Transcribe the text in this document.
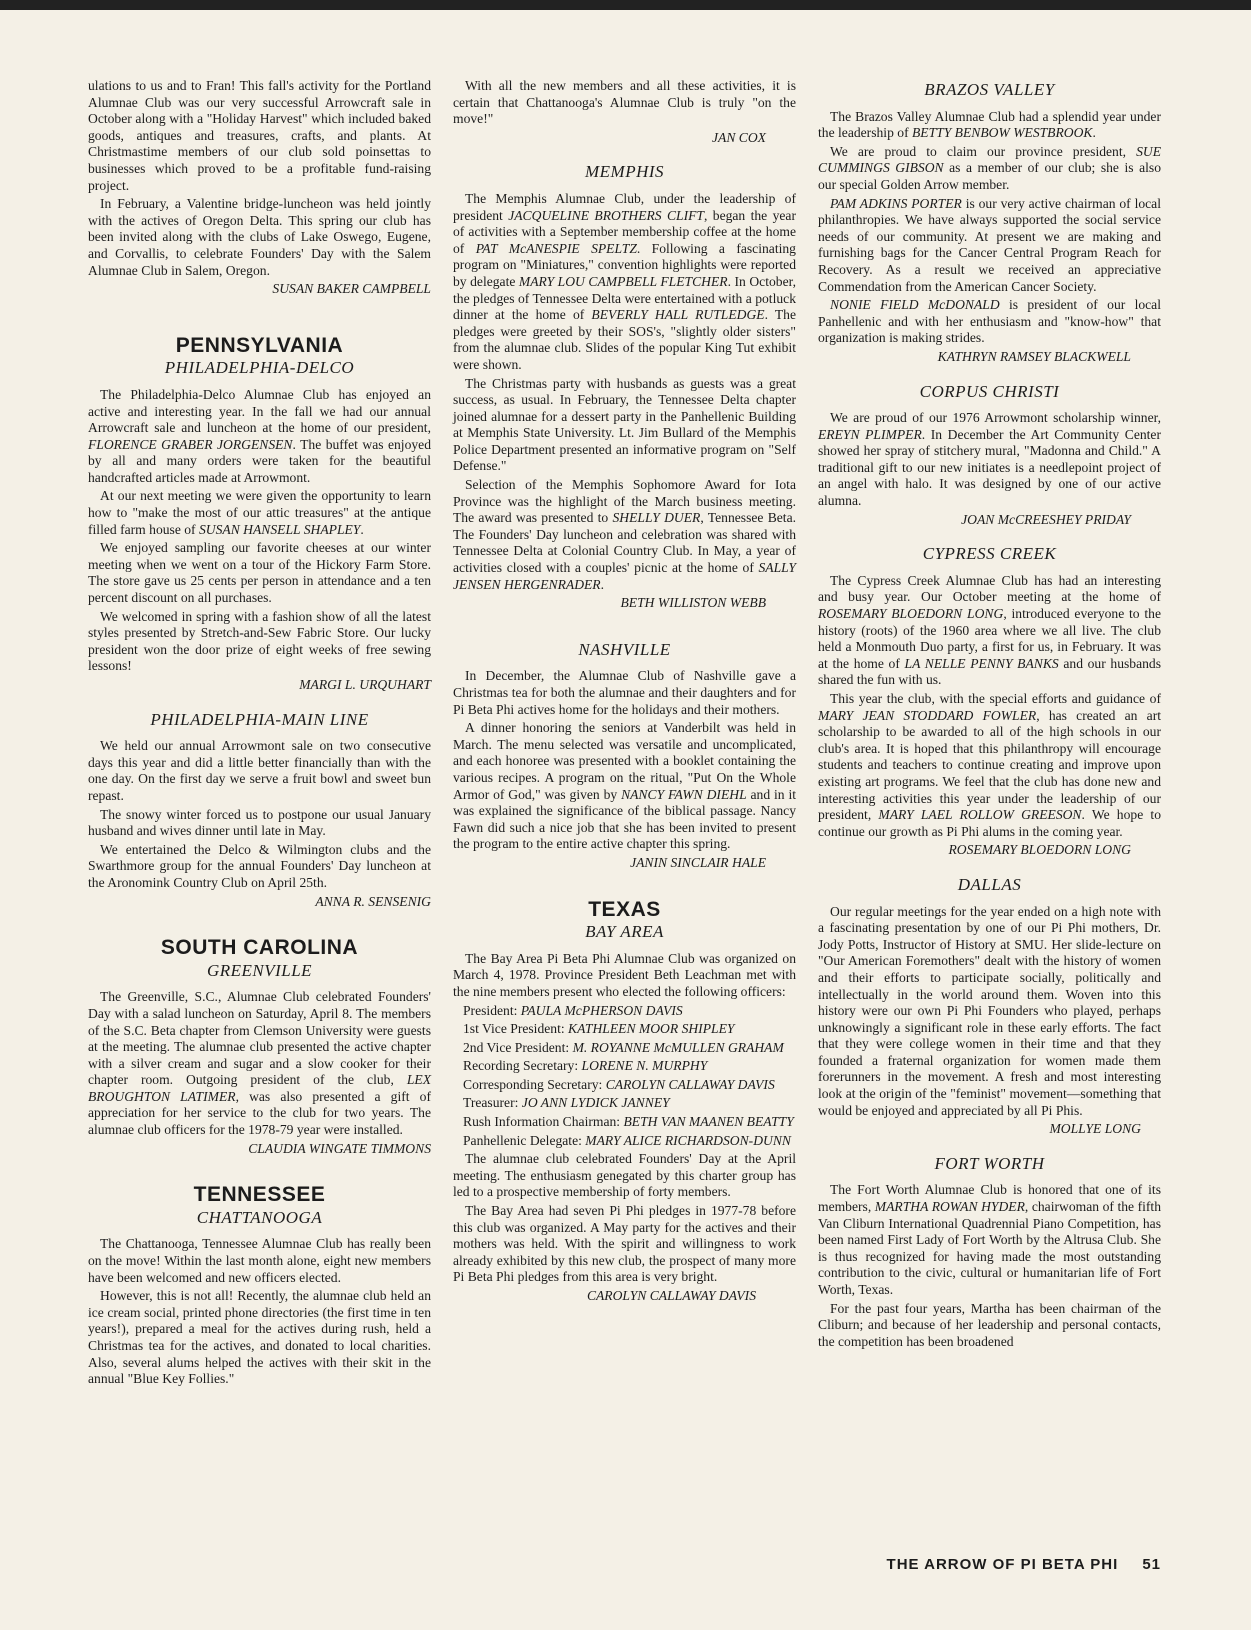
ulations to us and to Fran! This fall's activity for the Portland Alumnae Club was our very successful Arrowcraft sale in October along with a "Holiday Harvest" which included baked goods, antiques and treasures, crafts, and plants. At Christmastime members of our club sold poinsettas to businesses which proved to be a profitable fund-raising project.

In February, a Valentine bridge-luncheon was held jointly with the actives of Oregon Delta. This spring our club has been invited along with the clubs of Lake Oswego, Eugene, and Corvallis, to celebrate Founders' Day with the Salem Alumnae Club in Salem, Oregon.

SUSAN BAKER CAMPBELL

PENNSYLVANIA
PHILADELPHIA-DELCO

The Philadelphia-Delco Alumnae Club has enjoyed an active and interesting year. In the fall we had our annual Arrowcraft sale and luncheon at the home of our president, FLORENCE GRABER JORGENSEN. The buffet was enjoyed by all and many orders were taken for the beautiful handcrafted articles made at Arrowmont.

At our next meeting we were given the opportunity to learn how to "make the most of our attic treasures" at the antique filled farm house of SUSAN HANSELL SHAPLEY.

We enjoyed sampling our favorite cheeses at our winter meeting when we went on a tour of the Hickory Farm Store. The store gave us 25 cents per person in attendance and a ten percent discount on all purchases.

We welcomed in spring with a fashion show of all the latest styles presented by Stretch-and-Sew Fabric Store. Our lucky president won the door prize of eight weeks of free sewing lessons!

MARGI L. URQUHART

PHILADELPHIA-MAIN LINE

We held our annual Arrowmont sale on two consecutive days this year and did a little better financially than with the one day. On the first day we serve a fruit bowl and sweet bun repast.

The snowy winter forced us to postpone our usual January husband and wives dinner until late in May.

We entertained the Delco & Wilmington clubs and the Swarthmore group for the annual Founders' Day luncheon at the Aronomink Country Club on April 25th.

ANNA R. SENSENIG

SOUTH CAROLINA
GREENVILLE

The Greenville, S.C., Alumnae Club celebrated Founders' Day with a salad luncheon on Saturday, April 8. The members of the S.C. Beta chapter from Clemson University were guests at the meeting. The alumnae club presented the active chapter with a silver cream and sugar and a slow cooker for their chapter room. Outgoing president of the club, LEX BROUGHTON LATIMER, was also presented a gift of appreciation for her service to the club for two years. The alumnae club officers for the 1978-79 year were installed.

CLAUDIA WINGATE TIMMONS

TENNESSEE
CHATTANOOGA

The Chattanooga, Tennessee Alumnae Club has really been on the move! Within the last month alone, eight new members have been welcomed and new officers elected.

However, this is not all! Recently, the alumnae club held an ice cream social, printed phone directories (the first time in ten years!), prepared a meal for the actives during rush, held a Christmas tea for the actives, and donated to local charities. Also, several alums helped the actives with their skit in the annual "Blue Key Follies."

With all the new members and all these activities, it is certain that Chattanooga's Alumnae Club is truly "on the move!"

JAN COX

MEMPHIS

The Memphis Alumnae Club, under the leadership of president JACQUELINE BROTHERS CLIFT, began the year of activities with a September membership coffee at the home of PAT McANESPIE SPELTZ. Following a fascinating program on "Miniatures," convention highlights were reported by delegate MARY LOU CAMPBELL FLETCHER. In October, the pledges of Tennessee Delta were entertained with a potluck dinner at the home of BEVERLY HALL RUTLEDGE. The pledges were greeted by their SOS's, "slightly older sisters" from the alumnae club. Slides of the popular King Tut exhibit were shown.

The Christmas party with husbands as guests was a great success, as usual. In February, the Tennessee Delta chapter joined alumnae for a dessert party in the Panhellenic Building at Memphis State University. Lt. Jim Bullard of the Memphis Police Department presented an informative program on "Self Defense."

Selection of the Memphis Sophomore Award for Iota Province was the highlight of the March business meeting. The award was presented to SHELLY DUER, Tennessee Beta. The Founders' Day luncheon and celebration was shared with Tennessee Delta at Colonial Country Club. In May, a year of activities closed with a couples' picnic at the home of SALLY JENSEN HERGENRADER.

BETH WILLISTON WEBB

NASHVILLE

In December, the Alumnae Club of Nashville gave a Christmas tea for both the alumnae and their daughters and for Pi Beta Phi actives home for the holidays and their mothers.

A dinner honoring the seniors at Vanderbilt was held in March. The menu selected was versatile and uncomplicated, and each honoree was presented with a booklet containing the various recipes. A program on the ritual, "Put On the Whole Armor of God," was given by NANCY FAWN DIEHL and in it was explained the significance of the biblical passage. Nancy Fawn did such a nice job that she has been invited to present the program to the entire active chapter this spring.

JANIN SINCLAIR HALE

TEXAS
BAY AREA

The Bay Area Pi Beta Phi Alumnae Club was organized on March 4, 1978. Province President Beth Leachman met with the nine members present who elected the following officers:

President: PAULA McPHERSON DAVIS
1st Vice President: KATHLEEN MOOR SHIPLEY
2nd Vice President: M. ROYANNE McMULLEN GRAHAM
Recording Secretary: LORENE N. MURPHY
Corresponding Secretary: CAROLYN CALLAWAY DAVIS
Treasurer: JO ANN LYDICK JANNEY
Rush Information Chairman: BETH VAN MAANEN BEATTY
Panhellenic Delegate: MARY ALICE RICHARDSON-DUNN

The alumnae club celebrated Founders' Day at the April meeting. The enthusiasm genegated by this charter group has led to a prospective membership of forty members.

The Bay Area had seven Pi Phi pledges in 1977-78 before this club was organized. A May party for the actives and their mothers was held. With the spirit and willingness to work already exhibited by this new club, the prospect of many more Pi Beta Phi pledges from this area is very bright.

CAROLYN CALLAWAY DAVIS

BRAZOS VALLEY

The Brazos Valley Alumnae Club had a splendid year under the leadership of BETTY BENBOW WESTBROOK.

We are proud to claim our province president, SUE CUMMINGS GIBSON as a member of our club; she is also our special Golden Arrow member.

PAM ADKINS PORTER is our very active chairman of local philanthropies. We have always supported the social service needs of our community. At present we are making and furnishing bags for the Cancer Central Program Reach for Recovery. As a result we received an appreciative Commendation from the American Cancer Society.

NONIE FIELD McDONALD is president of our local Panhellenic and with her enthusiasm and "know-how" that organization is making strides.

KATHRYN RAMSEY BLACKWELL

CORPUS CHRISTI

We are proud of our 1976 Arrowmont scholarship winner, EREYN PLIMPER. In December the Art Community Center showed her spray of stitchery mural, "Madonna and Child." A traditional gift to our new initiates is a needlepoint project of an angel with halo. It was designed by one of our active alumna.

JOAN McCREESHEY PRIDAY

CYPRESS CREEK

The Cypress Creek Alumnae Club has had an interesting and busy year. Our October meeting at the home of ROSEMARY BLOEDORN LONG, introduced everyone to the history (roots) of the 1960 area where we all live. The club held a Monmouth Duo party, a first for us, in February. It was at the home of LA NELLE PENNY BANKS and our husbands shared the fun with us.

This year the club, with the special efforts and guidance of MARY JEAN STODDARD FOWLER, has created an art scholarship to be awarded to all of the high schools in our club's area. It is hoped that this philanthropy will encourage students and teachers to continue creating and improve upon existing art programs. We feel that the club has done new and interesting activities this year under the leadership of our president, MARY LAEL ROLLOW GREESON. We hope to continue our growth as Pi Phi alums in the coming year.

ROSEMARY BLOEDORN LONG

DALLAS

Our regular meetings for the year ended on a high note with a fascinating presentation by one of our Pi Phi mothers, Dr. Jody Potts, Instructor of History at SMU. Her slide-lecture on "Our American Foremothers" dealt with the history of women and their efforts to participate socially, politically and intellectually in the world around them. Woven into this history were our own Pi Phi Founders who played, perhaps unknowingly a significant role in these early efforts. The fact that they were college women in their time and that they founded a fraternal organization for women made them forerunners in the movement. A fresh and most interesting look at the origin of the "feminist" movement—something that would be enjoyed and appreciated by all Pi Phis.

MOLLYE LONG

FORT WORTH

The Fort Worth Alumnae Club is honored that one of its members, MARTHA ROWAN HYDER, chairwoman of the fifth Van Cliburn International Quadrennial Piano Competition, has been named First Lady of Fort Worth by the Altrusa Club. She is thus recognized for having made the most outstanding contribution to the civic, cultural or humanitarian life of Fort Worth, Texas.

For the past four years, Martha has been chairman of the Cliburn; and because of her leadership and personal contacts, the competition has been broadened

THE ARROW OF PI BETA PHI 51
